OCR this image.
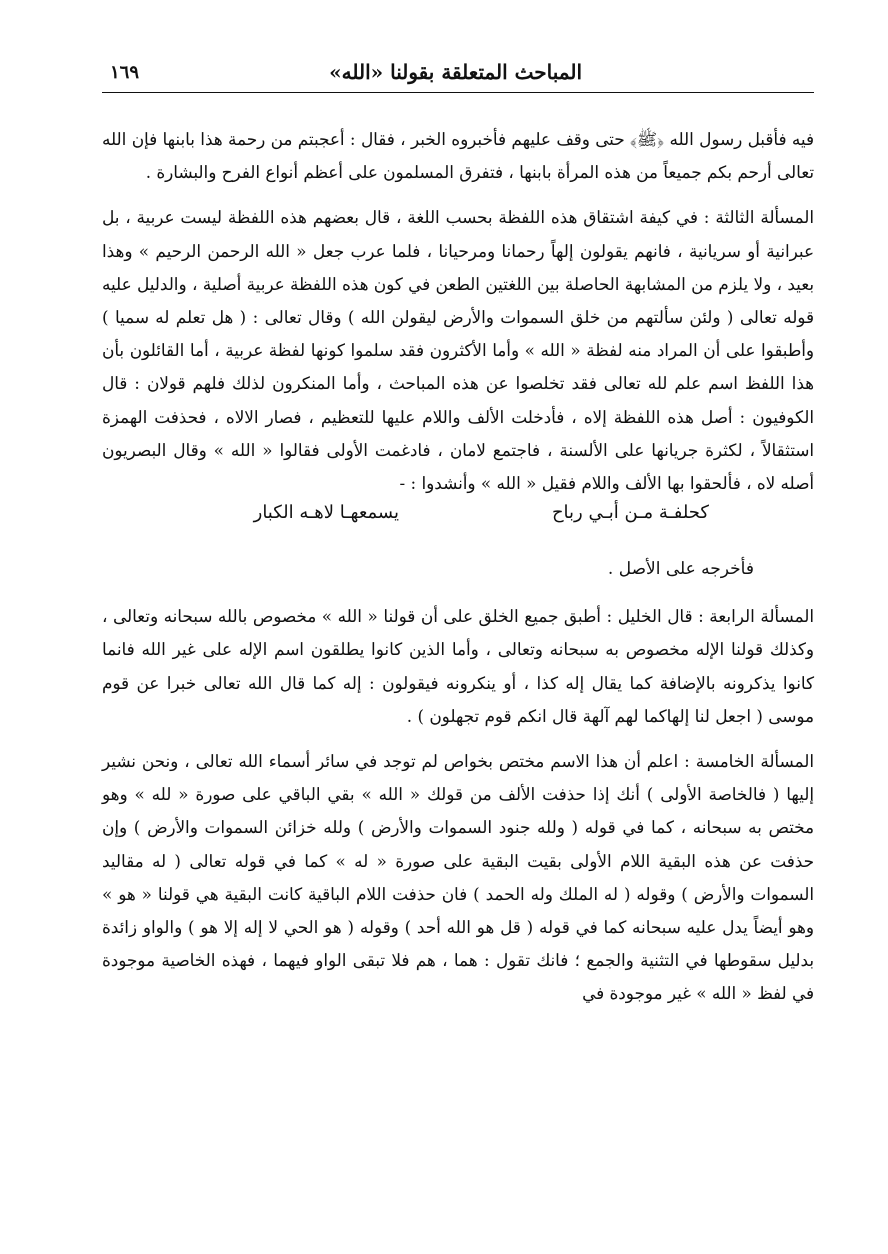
المباحث المتعلقة بقولنا «الله»
١٦٩

فيه فأقبل رسول الله ﴿ﷺ﴾ حتى وقف عليهم فأخبروه الخبر ، فقال : أعجبتم من رحمة هذا بابنها فإن الله تعالى أرحم بكم جميعاً من هذه المرأة بابنها ، فتفرق المسلمون على أعظم أنواع الفرح والبشارة .

المسألة الثالثة : في كيفة اشتقاق هذه اللفظة بحسب اللغة ، قال بعضهم هذه اللفظة ليست عربية ، بل عبرانية أو سريانية ، فانهم يقولون إلهاً رحمانا ومرحيانا ، فلما عرب جعل « الله الرحمن الرحيم » وهذا بعيد ، ولا يلزم من المشابهة الحاصلة بين اللغتين الطعن في كون هذه اللفظة عربية أصلية ، والدليل عليه قوله تعالى ( ولئن سألتهم من خلق السموات والأرض ليقولن الله ) وقال تعالى : ( هل تعلم له سميا ) وأطبقوا على أن المراد منه لفظة « الله » وأما الأكثرون فقد سلموا كونها لفظة عربية ، أما القائلون بأن هذا اللفظ اسم علم لله تعالى فقد تخلصوا عن هذه المباحث ، وأما المنكرون لذلك فلهم قولان : قال الكوفيون : أصل هذه اللفظة إلاه ، فأدخلت الألف واللام عليها للتعظيم ، فصار الالاه ، فحذفت الهمزة استثقالاً ، لكثرة جريانها على الألسنة ، فاجتمع لامان ، فادغمت الأولى فقالوا « الله » وقال البصريون أصله لاه ، فألحقوا بها الألف واللام فقيل « الله » وأنشدوا : -

كحلفـة مـن أبـي رباح
يسمعهـا لاهـه الكبار

فأخرجه على الأصل .

المسألة الرابعة : قال الخليل : أطبق جميع الخلق على أن قولنا « الله » مخصوص بالله سبحانه وتعالى ، وكذلك قولنا الإله مخصوص به سبحانه وتعالى ، وأما الذين كانوا يطلقون اسم الإله على غير الله فانما كانوا يذكرونه بالإضافة كما يقال إله كذا ، أو ينكرونه فيقولون : إله كما قال الله تعالى خبرا عن قوم موسى ( اجعل لنا إلهاكما لهم آلهة قال انكم قوم تجهلون ) .

المسألة الخامسة : اعلم أن هذا الاسم مختص بخواص لم توجد في سائر أسماء الله تعالى ، ونحن نشير إليها ( فالخاصة الأولى ) أنك إذا حذفت الألف من قولك « الله » بقي الباقي على صورة « لله » وهو مختص به سبحانه ، كما في قوله ( ولله جنود السموات والأرض ) ولله خزائن السموات والأرض ) وإن حذفت عن هذه البقية اللام الأولى بقيت البقية على صورة « له » كما في قوله تعالى ( له مقاليد السموات والأرض ) وقوله ( له الملك وله الحمد ) فان حذفت اللام الباقية كانت البقية هي قولنا « هو » وهو أيضاً يدل عليه سبحانه كما في قوله ( قل هو الله أحد ) وقوله ( هو الحي لا إله إلا هو ) والواو زائدة بدليل سقوطها في التثنية والجمع ؛ فانك تقول : هما ، هم فلا تبقى الواو فيهما ، فهذه الخاصية موجودة في لفظ « الله » غير موجودة في
